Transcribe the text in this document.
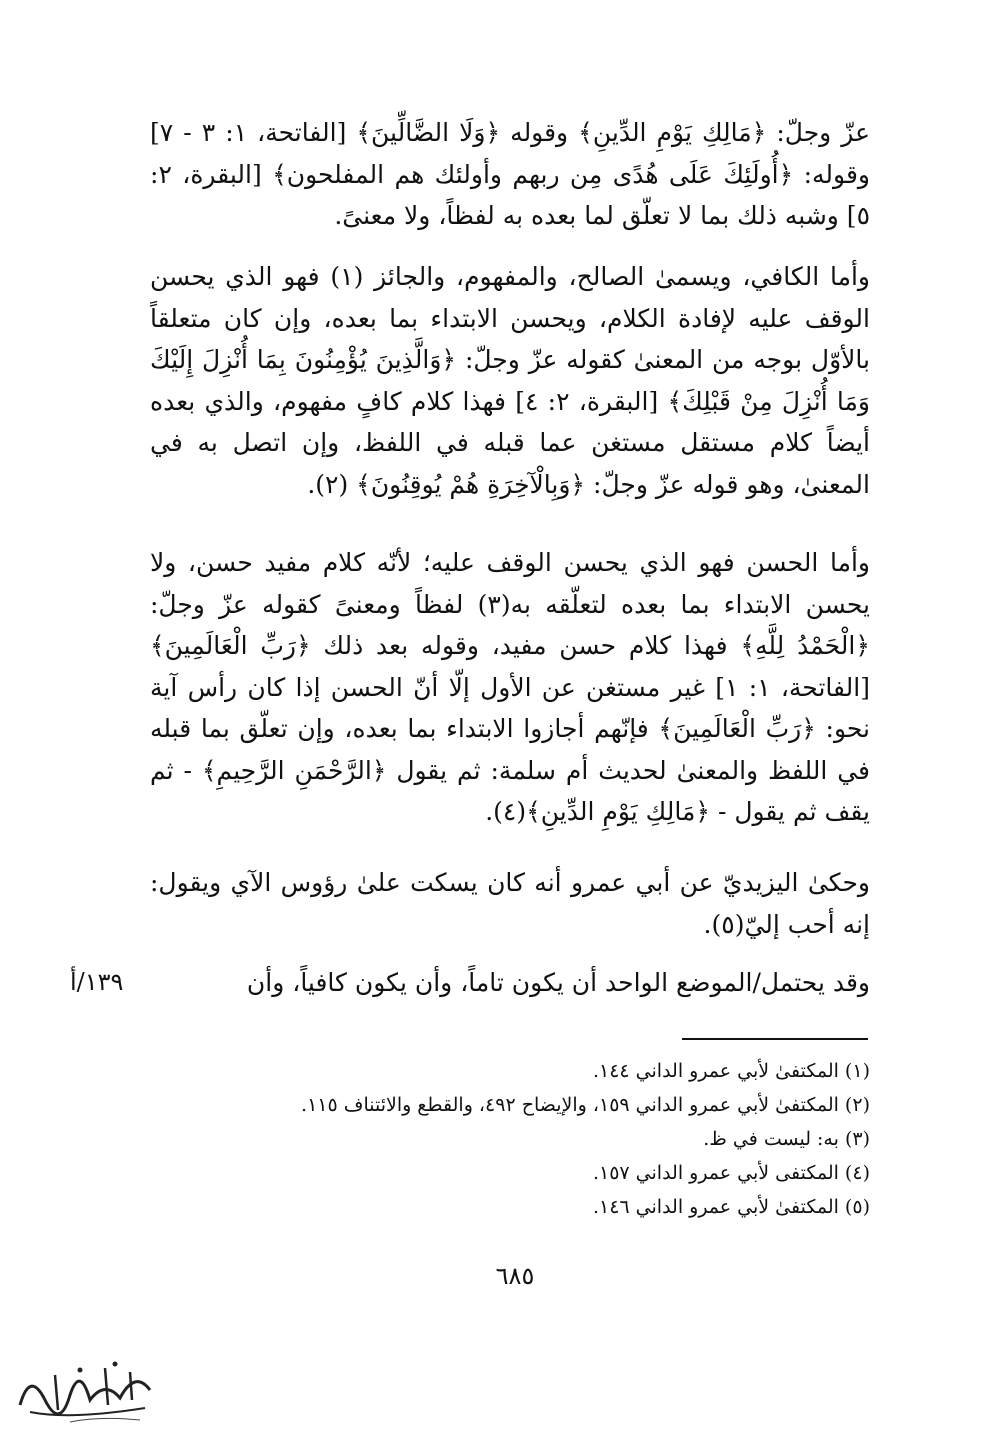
عزّ وجلّ: ﴿مَالِكِ يَوْمِ الدِّينِ﴾ وقوله ﴿وَلَا الضَّالِّينَ﴾ [الفاتحة، ١: ٣ - ٧] وقوله: ﴿أُولَئِكَ عَلَى هُدًى مِن ربهم وأولئك هم المفلحون﴾ [البقرة، ٢: ٥] وشبه ذلك بما لا تعلّق لما بعده به لفظاً، ولا معنىً.

وأما الكافي، ويسمىٰ الصالح، والمفهوم، والجائز (١) فهو الذي يحسن الوقف عليه لإفادة الكلام، ويحسن الابتداء بما بعده، وإن كان متعلقاً بالأوّل بوجه من المعنىٰ كقوله عزّ وجلّ: ﴿وَالَّذِينَ يُؤْمِنُونَ بِمَا أُنْزِلَ إِلَيْكَ وَمَا أُنْزِلَ مِنْ قَبْلِكَ﴾ [البقرة، ٢: ٤] فهذا كلام كافٍ مفهوم، والذي بعده أيضاً كلام مستقل مستغن عما قبله في اللفظ، وإن اتصل به في المعنىٰ، وهو قوله عزّ وجلّ: ﴿وَبِالْآخِرَةِ هُمْ يُوقِنُونَ﴾ (٢).

وأما الحسن فهو الذي يحسن الوقف عليه؛ لأنّه كلام مفيد حسن، ولا يحسن الابتداء بما بعده لتعلّقه به(٣) لفظاً ومعنىً كقوله عزّ وجلّ: ﴿الْحَمْدُ لِلَّهِ﴾ فهذا كلام حسن مفيد، وقوله بعد ذلك ﴿رَبِّ الْعَالَمِينَ﴾ [الفاتحة، ١: ١] غير مستغن عن الأول إلّا أنّ الحسن إذا كان رأس آية نحو: ﴿رَبِّ الْعَالَمِينَ﴾ فإنّهم أجازوا الابتداء بما بعده، وإن تعلّق بما قبله في اللفظ والمعنىٰ لحديث أم سلمة: ثم يقول ﴿الرَّحْمَنِ الرَّحِيمِ﴾ - ثم يقف ثم يقول - ﴿مَالِكِ يَوْمِ الدِّينِ﴾(٤).

وحكىٰ اليزيديّ عن أبي عمرو أنه كان يسكت علىٰ رؤوس الآي ويقول: إنه أحب إليّ(٥).

وقد يحتمل/الموضع الواحد أن يكون تاماً، وأن يكون كافياً، وأن

١٣٩/أ

(١) المكتفىٰ لأبي عمرو الداني ١٤٤.

(٢) المكتفىٰ لأبي عمرو الداني ١٥٩، والإيضاح ٤٩٢، والقطع والائتناف ١١٥.

(٣) به: ليست في ظ.

(٤) المكتفى لأبي عمرو الداني ١٥٧.

(٥) المكتفىٰ لأبي عمرو الداني ١٤٦.

٦٨٥
